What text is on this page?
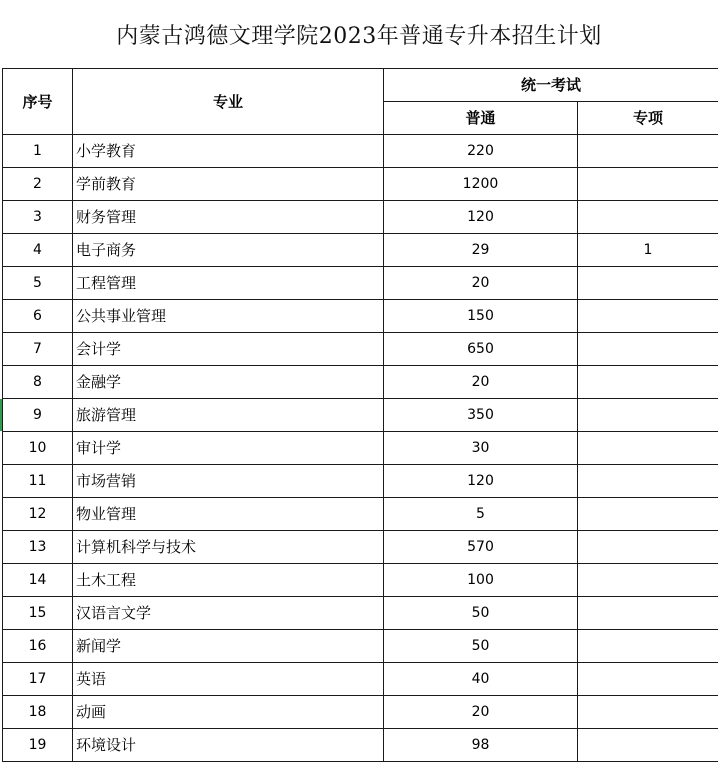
内蒙古鸿德文理学院2023年普通专升本招生计划
序号	专业	统一考试	
		普通	专项
1	小学教育	220	
2	学前教育	1200	
3	财务管理	120	
4	电子商务	29	1
5	工程管理	20	
6	公共事业管理	150	
7	会计学	650	
8	金融学	20	
9	旅游管理	350	
10	审计学	30	
11	市场营销	120	
12	物业管理	5	
13	计算机科学与技术	570	
14	土木工程	100	
15	汉语言文学	50	
16	新闻学	50	
17	英语	40	
18	动画	20	
19	环境设计	98	
